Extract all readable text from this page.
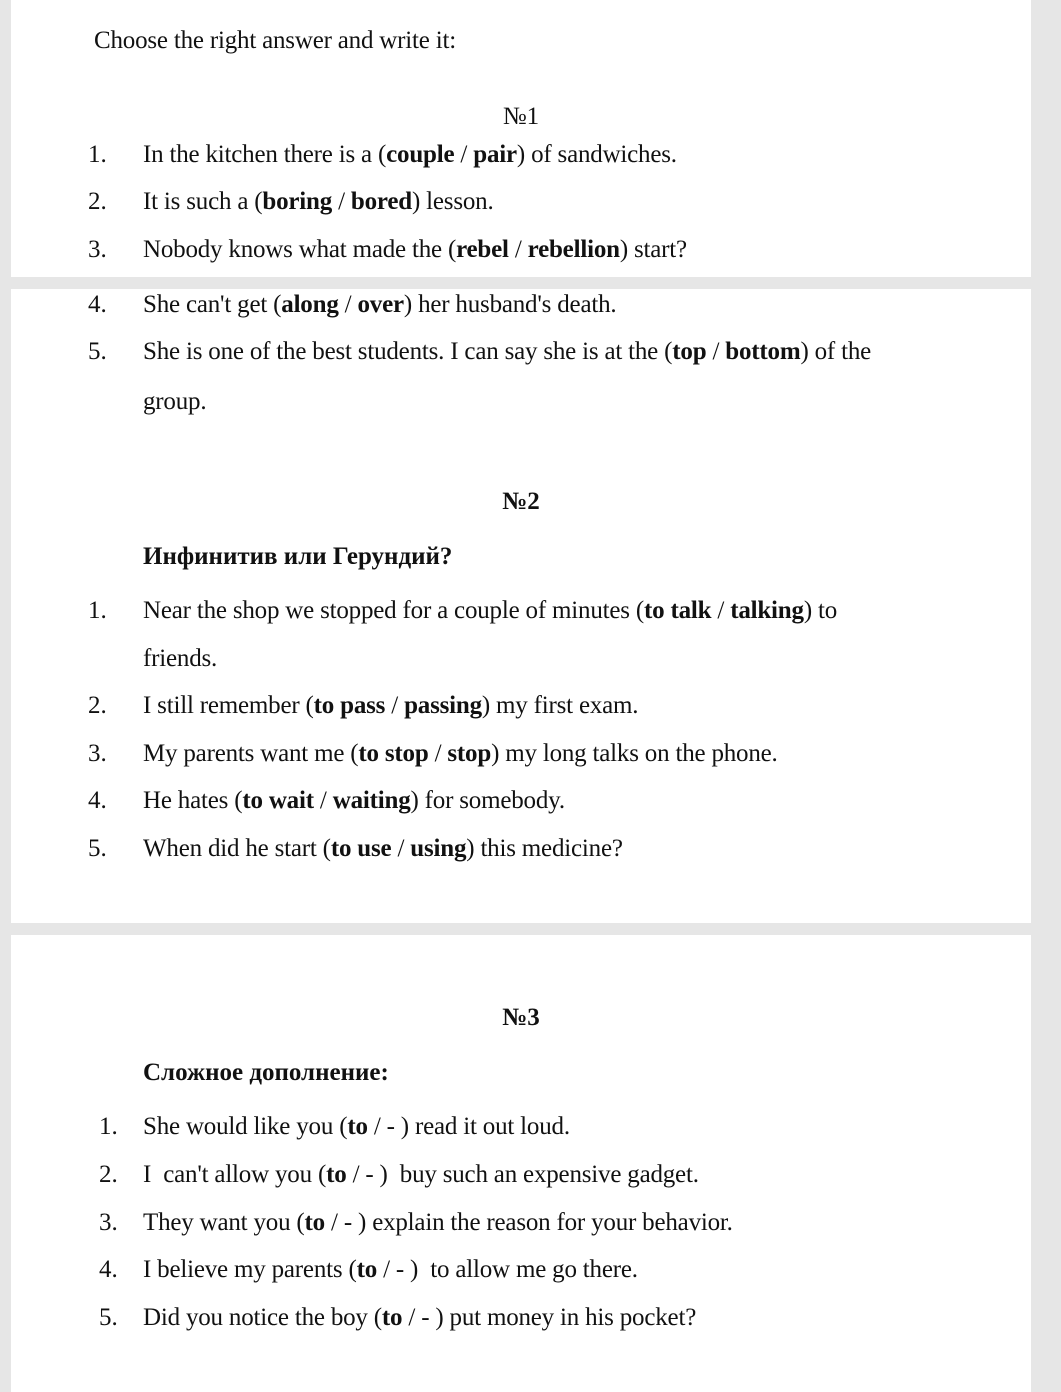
Choose the right answer and write it:
№1
1. In the kitchen there is a (couple / pair) of sandwiches.
2. It is such a (boring / bored) lesson.
3. Nobody knows what made the (rebel / rebellion) start?
4. She can't get (along / over) her husband's death.
5. She is one of the best students. I can say she is at the (top / bottom) of the
group.
№2
Инфинитив или Герундий?
1. Near the shop we stopped for a couple of minutes (to talk / talking) to
friends.
2. I still remember (to pass / passing) my first exam.
3. My parents want me (to stop / stop) my long talks on the phone.
4. He hates (to wait / waiting) for somebody.
5. When did he start (to use / using) this medicine?
№3
Сложное дополнение:
1. She would like you (to / - ) read it out loud.
2. I  can't allow you (to / - )  buy such an expensive gadget.
3. They want you (to / - ) explain the reason for your behavior.
4. I believe my parents (to / - )  to allow me go there.
5. Did you notice the boy (to / - ) put money in his pocket?
